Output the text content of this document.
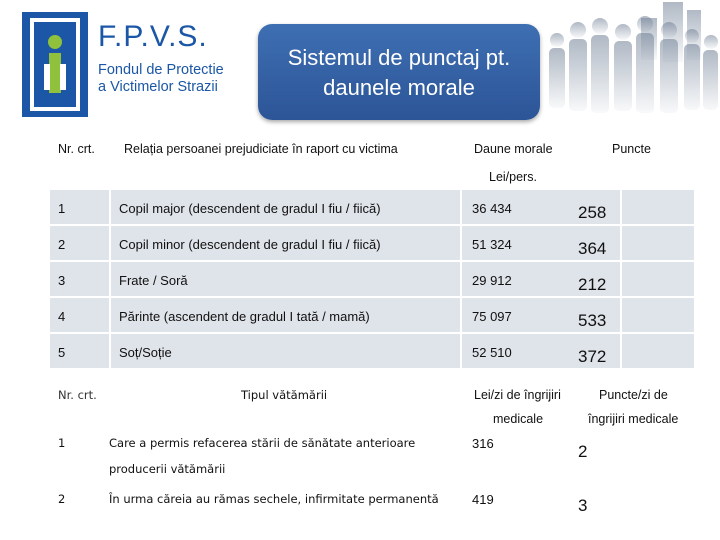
F.P.V.S.
Fondul de Protectie
a Victimelor Strazii
Sistemul de punctaj pt.
daunele morale
Nr. crt. Relația persoanei prejudiciate în raport cu victima	Daune morale
Lei/pers.
Puncte
1	Copil major (descendent de gradul I fiu / fiică)	36 434	258
2	Copil minor (descendent de gradul I fiu / fiică)	51 324	364
3	Frate / Soră	29 912	212
4	Părinte (ascendent de gradul I tată / mamă)	75 097	533
5	Soț/Soție	52 510	372
Nr. crt.	Tipul vătămării	Lei/zi de îngrijiri
medicale
Puncte/zi de
îngrijiri medicale
1	Care a permis refacerea stării de sănătate anterioare
producerii vătămării
316	2
2	În urma căreia au rămas sechele, infirmitate permanentă	419	3
